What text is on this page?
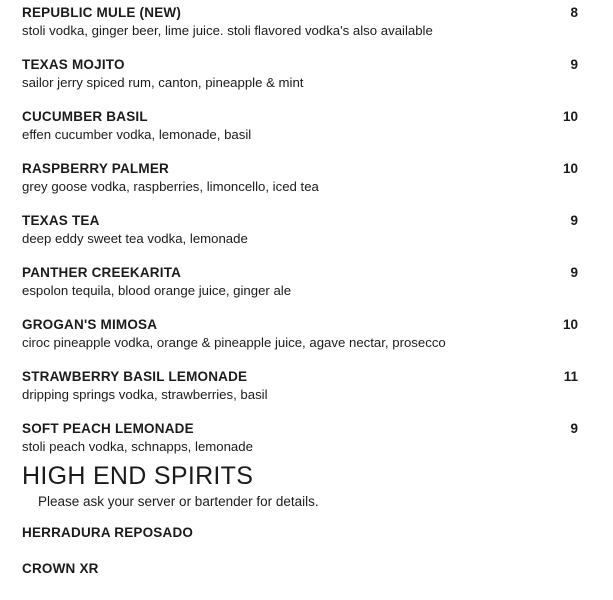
REPUBLIC MULE (NEW)	8
stoli vodka, ginger beer, lime juice. stoli flavored vodka's also available
TEXAS MOJITO	9
sailor jerry spiced rum, canton, pineapple & mint
CUCUMBER BASIL	10
effen cucumber vodka, lemonade, basil
RASPBERRY PALMER	10
grey goose vodka, raspberries, limoncello, iced tea
TEXAS TEA	9
deep eddy sweet tea vodka, lemonade
PANTHER CREEKARITA	9
espolon tequila, blood orange juice, ginger ale
GROGAN'S MIMOSA	10
ciroc pineapple vodka, orange & pineapple juice, agave nectar, prosecco
STRAWBERRY BASIL LEMONADE	11
dripping springs vodka, strawberries, basil
SOFT PEACH LEMONADE	9
stoli peach vodka, schnapps, lemonade
HIGH END SPIRITS
Please ask your server or bartender for details.
HERRADURA REPOSADO
CROWN XR
